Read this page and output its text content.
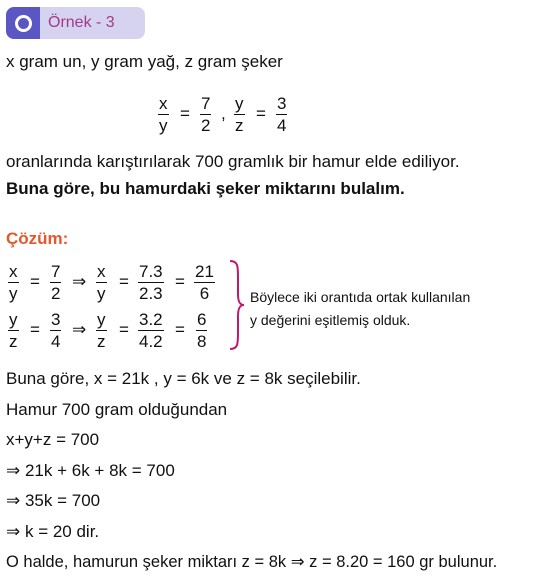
Örnek - 3
x gram un, y gram yağ, z gram şeker
x
y
=
7
2
,
y
z
=
3
4
oranlarında karıştırılarak 700 gramlık bir hamur elde ediliyor.
Buna göre, bu hamurdaki şeker miktarını bulalım.
Çözüm:
x
y
=
7
2
⇒
x
y
=
7.3
2.3
=
21
6
y
z
=
3
4
⇒
y
z
=
3.2
4.2
=
6
8
Böylece iki orantıda ortak kullanılan
y değerini eşitlemiş olduk.
Buna göre, x = 21k , y = 6k ve z = 8k seçilebilir.
Hamur 700 gram olduğundan
x+y+z = 700
⇒ 21k + 6k + 8k = 700
⇒ 35k = 700
⇒ k = 20 dir.
O halde, hamurun şeker miktarı z = 8k ⇒ z = 8.20 = 160 gr bulunur.
